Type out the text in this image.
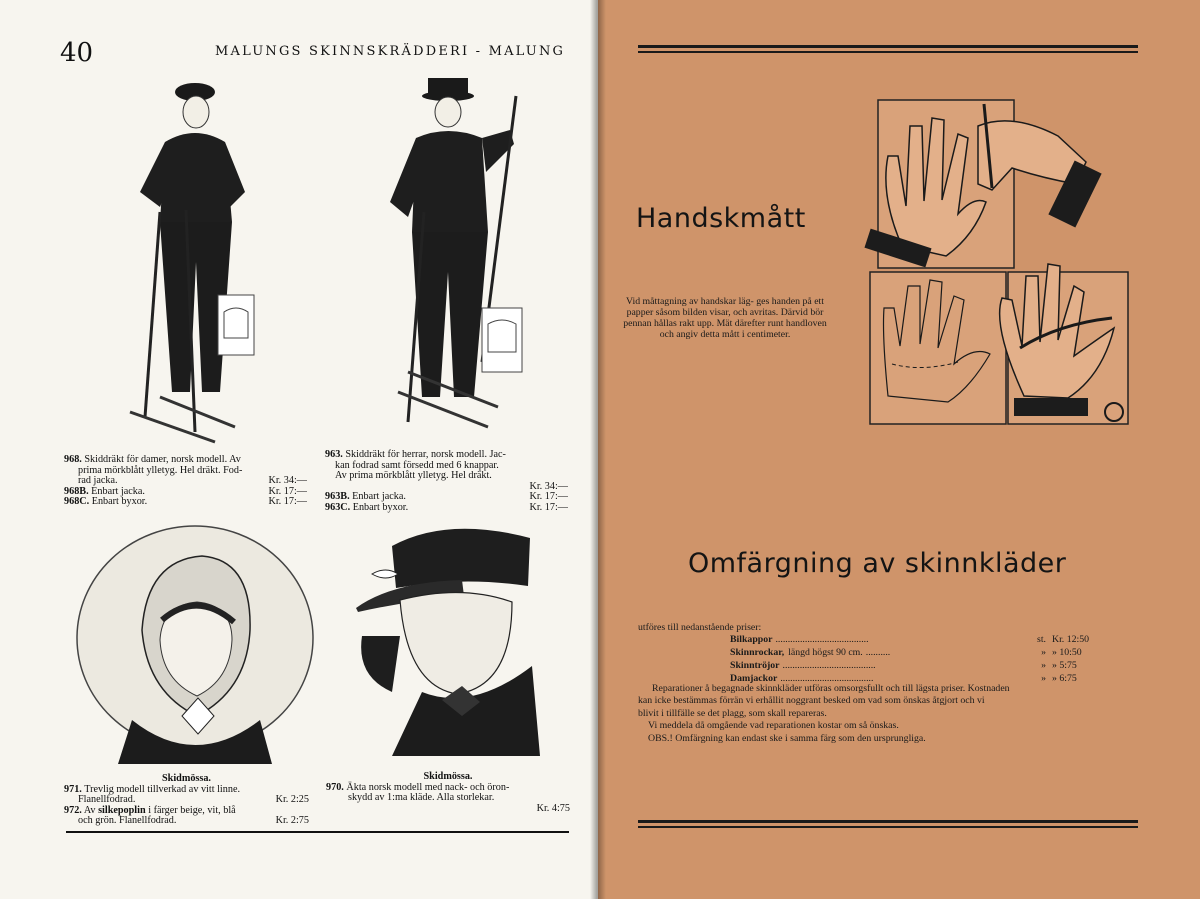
40	MALUNGS SKINNSKRÄDDERI - MALUNG

968. Skiddräkt för damer, norsk modell. Av

prima mörkblått ylletyg. Hel dräkt. Fod-

rad jacka.	Kr. 34:—
968B. Enbart jacka.	Kr. 17:—
968C. Enbart byxor.	Kr. 17:—

963. Skiddräkt för herrar, norsk modell. Jac-

kan fodrad samt försedd med 6 knappar.

Av prima mörkblått ylletyg. Hel dräkt.

Kr. 34:—
963B. Enbart jacka.	Kr. 17:—
963C. Enbart byxor.	Kr. 17:—

Skidmössa.

971. Trevlig modell tillverkad av vitt linne.

Flanellfodrad.	Kr. 2:25

972. Av silkepoplin i färger beige, vit, blå

och grön. Flanellfodrad.	Kr. 2:75

Skidmössa.

970. Äkta norsk modell med nack- och öron-

skydd av 1:ma kläde. Alla storlekar.

Kr. 4:75
Handskmått
Vid måttagning av handskar läg- ges handen på ett papper såsom bilden visar, och avritas. Därvid bör pennan hållas rakt upp. Mät därefter runt handloven och angiv detta mått i centimeter.
Omfärgning av skinnkläder
utföres till nedanstående priser:
Bilkappor ......................................	st. Kr. 12:50
Skinnrockar, längd högst 90 cm. ..........	» » 10:50
Skinntröjor ......................................	» » 5:75
Damjackor ......................................	» » 6:75

Reparationer å begagnade skinnkläder utföras omsorgsfullt och till lägsta priser. Kostnaden

kan icke bestämmas förrän vi erhållit noggrant besked om vad som önskas åtgjort och vi

blivit i tillfälle se det plagg, som skall repareras.

Vi meddela då omgående vad reparationen kostar om så önskas.

OBS.! Omfärgning kan endast ske i samma färg som den ursprungliga.
